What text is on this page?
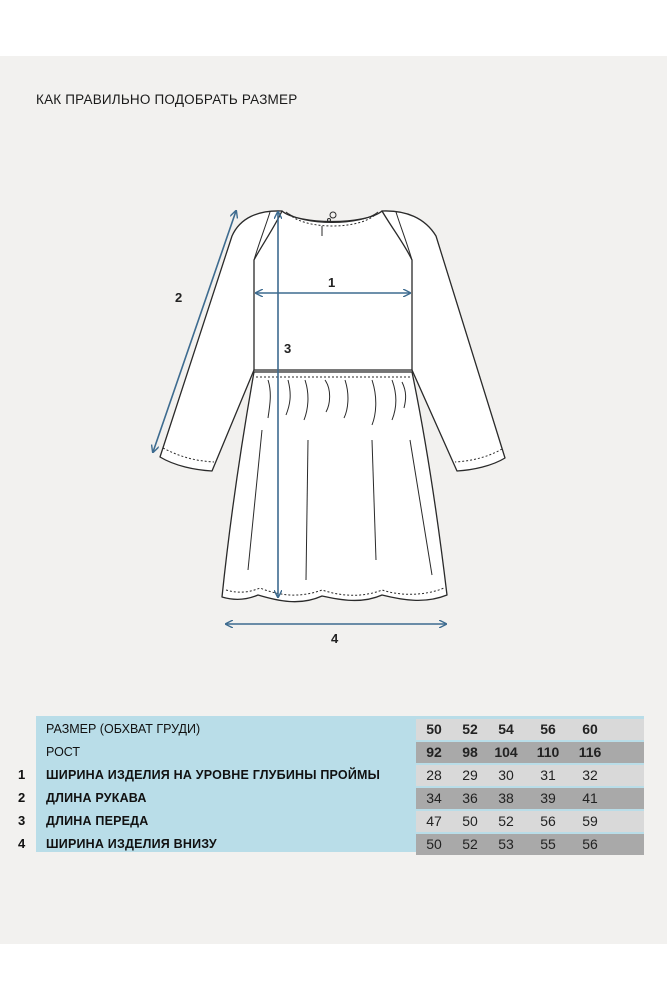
КАК ПРАВИЛЬНО ПОДОБРАТЬ РАЗМЕР
1
2
3
4
РАЗМЕР (ОБХВАТ ГРУДИ)	50	52	54	56	60
РОСТ	92	98	104	110	116
1	ШИРИНА ИЗДЕЛИЯ НА УРОВНЕ ГЛУБИНЫ ПРОЙМЫ	28	29	30	31	32
2	ДЛИНА РУКАВА	34	36	38	39	41
3	ДЛИНА ПЕРЕДА	47	50	52	56	59
4	ШИРИНА ИЗДЕЛИЯ ВНИЗУ	50	52	53	55	56
